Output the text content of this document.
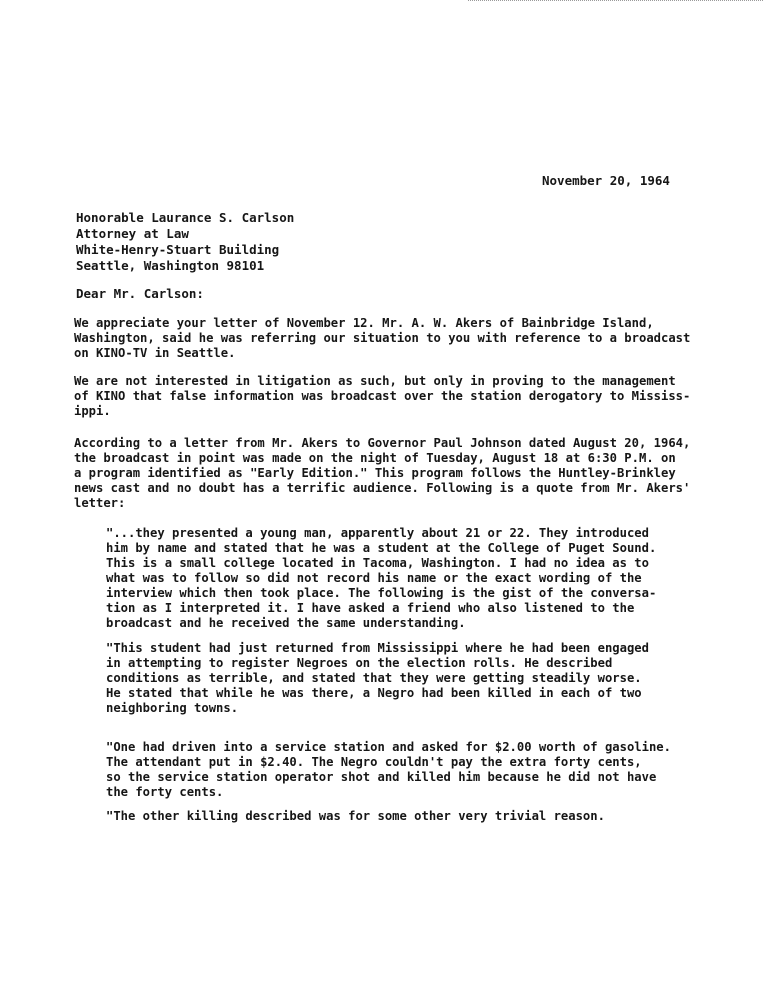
November 20, 1964
Honorable Laurance S. Carlson
Attorney at Law
White-Henry-Stuart Building
Seattle, Washington 98101
Dear Mr. Carlson:

We appreciate your letter of November 12. Mr. A. W. Akers of Bainbridge Island,
Washington, said he was referring our situation to you with reference to a broadcast
on KINO-TV in Seattle.

We are not interested in litigation as such, but only in proving to the management
of KINO that false information was broadcast over the station derogatory to Mississ-
ippi.

According to a letter from Mr. Akers to Governor Paul Johnson dated August 20, 1964,
the broadcast in point was made on the night of Tuesday, August 18 at 6:30 P.M. on
a program identified as "Early Edition." This program follows the Huntley-Brinkley
news cast and no doubt has a terrific audience. Following is a quote from Mr. Akers'
letter:

"...they presented a young man, apparently about 21 or 22. They introduced
him by name and stated that he was a student at the College of Puget Sound.
This is a small college located in Tacoma, Washington. I had no idea as to
what was to follow so did not record his name or the exact wording of the
interview which then took place. The following is the gist of the conversa-
tion as I interpreted it. I have asked a friend who also listened to the
broadcast and he received the same understanding.

"This student had just returned from Mississippi where he had been engaged
in attempting to register Negroes on the election rolls. He described
conditions as terrible, and stated that they were getting steadily worse.
He stated that while he was there, a Negro had been killed in each of two
neighboring towns.

"One had driven into a service station and asked for $2.00 worth of gasoline.
The attendant put in $2.40. The Negro couldn't pay the extra forty cents,
so the service station operator shot and killed him because he did not have
the forty cents.

"The other killing described was for some other very trivial reason.
